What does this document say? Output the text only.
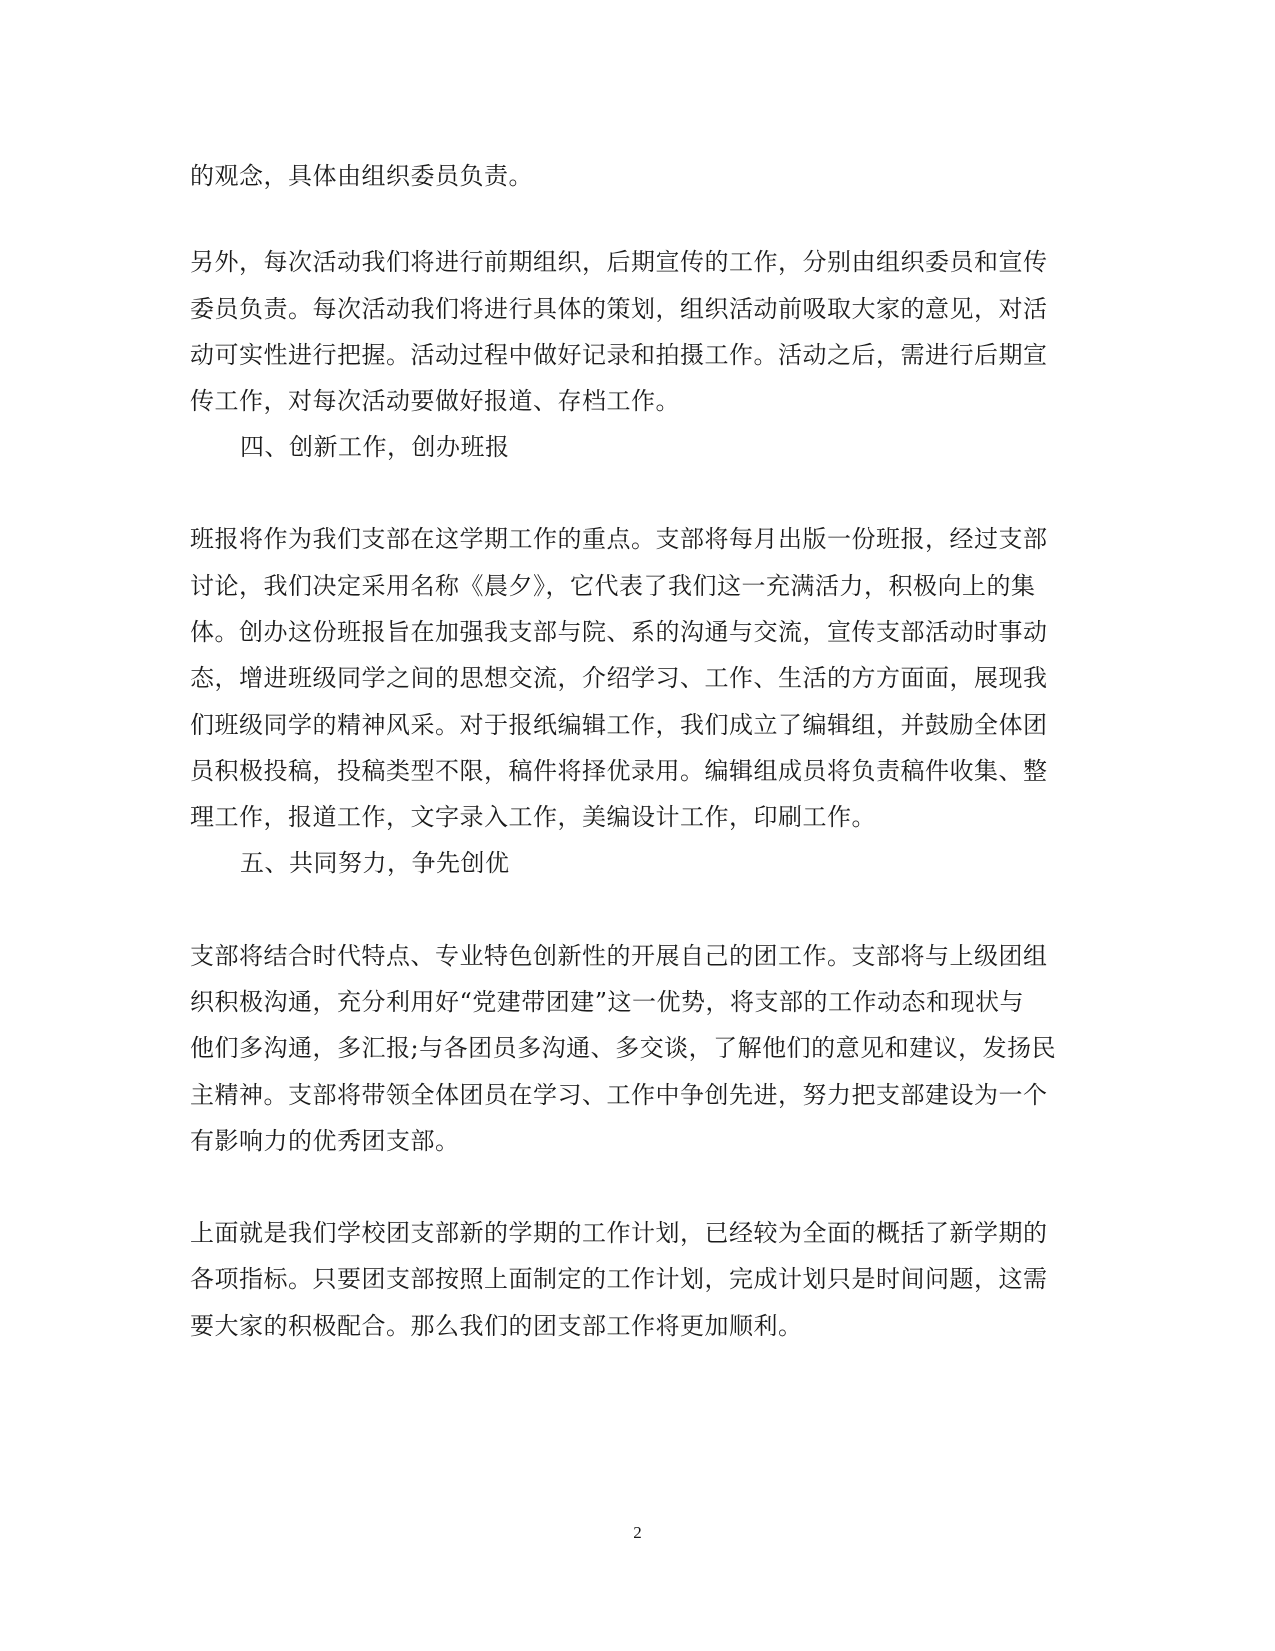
的观念，具体由组织委员负责。
另外，每次活动我们将进行前期组织，后期宣传的工作，分别由组织委员和宣传
委员负责。每次活动我们将进行具体的策划，组织活动前吸取大家的意见，对活
动可实性进行把握。活动过程中做好记录和拍摄工作。活动之后，需进行后期宣
传工作，对每次活动要做好报道、存档工作。
四、创新工作，创办班报
班报将作为我们支部在这学期工作的重点。支部将每月出版一份班报，经过支部
讨论，我们决定采用名称《晨夕》，它代表了我们这一充满活力，积极向上的集
体。创办这份班报旨在加强我支部与院、系的沟通与交流，宣传支部活动时事动
态，增进班级同学之间的思想交流，介绍学习、工作、生活的方方面面，展现我
们班级同学的精神风采。对于报纸编辑工作，我们成立了编辑组，并鼓励全体团
员积极投稿，投稿类型不限，稿件将择优录用。编辑组成员将负责稿件收集、整
理工作，报道工作，文字录入工作，美编设计工作，印刷工作。
五、共同努力，争先创优
支部将结合时代特点、专业特色创新性的开展自己的团工作。支部将与上级团组
织积极沟通，充分利用好“党建带团建”这一优势，将支部的工作动态和现状与
他们多沟通，多汇报;与各团员多沟通、多交谈，了解他们的意见和建议，发扬民
主精神。支部将带领全体团员在学习、工作中争创先进，努力把支部建设为一个
有影响力的优秀团支部。
上面就是我们学校团支部新的学期的工作计划，已经较为全面的概括了新学期的
各项指标。只要团支部按照上面制定的工作计划，完成计划只是时间问题，这需
要大家的积极配合。那么我们的团支部工作将更加顺利。
2
